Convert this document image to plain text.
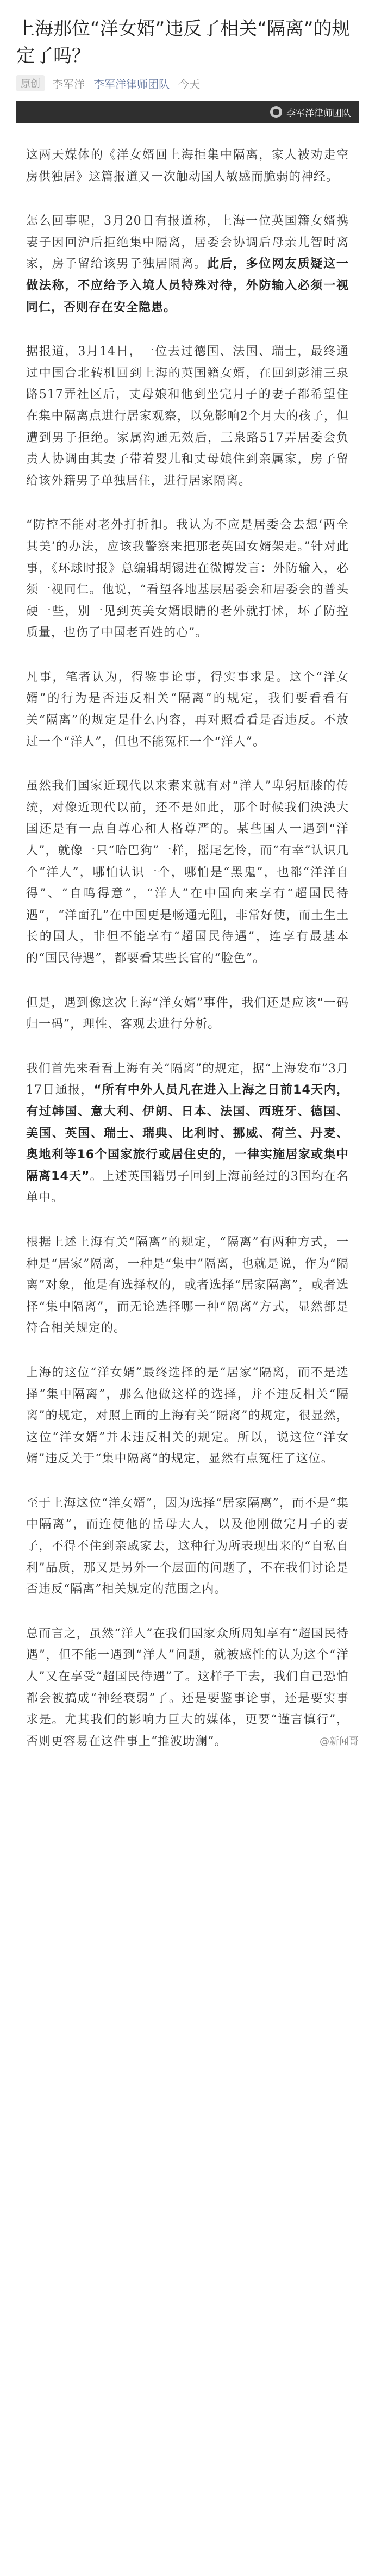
上海那位“洋女婿”违反了相关“隔离”的规定了吗？
原创	李军洋 李军洋律师团队 今天
李军洋律师团队

这两天媒体的《洋女婿回上海拒集中隔离，家人被劝走空房供独居》这篇报道又一次触动国人敏感而脆弱的神经。

怎么回事呢，3月20日有报道称，上海一位英国籍女婿携妻子因回沪后拒绝集中隔离，居委会协调后母亲儿智时离家，房子留给该男子独居隔离。此后，多位网友质疑这一做法称，不应给予入境人员特殊对待，外防输入必须一视同仁，否则存在安全隐患。

据报道，3月14日，一位去过德国、法国、瑞士，最终通过中国台北转机回到上海的英国籍女婿，在回到彭浦三泉路517弄社区后，丈母娘和他到坐完月子的妻子都希望住在集中隔离点进行居家观察，以免影响2个月大的孩子，但遭到男子拒绝。家属沟通无效后，三泉路517弄居委会负责人协调由其妻子带着婴儿和丈母娘住到亲属家，房子留给该外籍男子单独居住，进行居家隔离。

“防控不能对老外打折扣。我认为不应是居委会去想‘两全其美’的办法，应该我警察来把那老英国女婿架走。”针对此事，《环球时报》总编辑胡锡进在微博发言：外防输入，必须一视同仁。他说，“看望各地基层居委会和居委会的普头硬一些，别一见到英美女婿眼睛的老外就打怵，坏了防控质量，也伤了中国老百姓的心”。

凡事，笔者认为，得鉴事论事，得实事求是。这个“洋女婿”的行为是否违反相关“隔离”的规定，我们要看看有关“隔离”的规定是什么内容，再对照看看是否违反。不放过一个“洋人”，但也不能冤枉一个“洋人”。

虽然我们国家近现代以来素来就有对“洋人”卑躬屈膝的传统，对像近现代以前，还不是如此，那个时候我们泱泱大国还是有一点自尊心和人格尊严的。某些国人一遇到“洋人”，就像一只“哈巴狗”一样，摇尾乞怜，而“有幸”认识几个“洋人”，哪怕认识一个，哪怕是“黑鬼”，也都“洋洋自得”、“自鸣得意”，“洋人”在中国向来享有“超国民待遇”，“洋面孔”在中国更是畅通无阻，非常好使，而土生土长的国人，非但不能享有“超国民待遇”，连享有最基本的“国民待遇”，都要看某些长官的“脸色”。

但是，遇到像这次上海“洋女婿”事件，我们还是应该“一码归一码”，理性、客观去进行分析。

我们首先来看看上海有关“隔离”的规定，据“上海发布”3月17日通报，“所有中外人员凡在进入上海之日前14天内，有过韩国、意大利、伊朗、日本、法国、西班牙、德国、美国、英国、瑞士、瑞典、比利时、挪威、荷兰、丹麦、奥地利等16个国家旅行或居住史的，一律实施居家或集中隔离14天”。上述英国籍男子回到上海前经过的3国均在名单中。

根据上述上海有关“隔离”的规定，“隔离”有两种方式，一种是“居家”隔离，一种是“集中”隔离，也就是说，作为“隔离”对象，他是有选择权的，或者选择“居家隔离”，或者选择“集中隔离”，而无论选择哪一种“隔离”方式，显然都是符合相关规定的。

上海的这位“洋女婿”最终选择的是“居家”隔离，而不是选择“集中隔离”，那么他做这样的选择，并不违反相关“隔离”的规定，对照上面的上海有关“隔离”的规定，很显然，这位“洋女婿”并未违反相关的规定。所以，说这位“洋女婿”违反关于“集中隔离”的规定，显然有点冤枉了这位。

至于上海这位“洋女婿”，因为选择“居家隔离”，而不是“集中隔离”，而连使他的岳母大人，以及他刚做完月子的妻子，不得不住到亲戚家去，这种行为所表现出来的“自私自利”品质，那又是另外一个层面的问题了，不在我们讨论是否违反“隔离”相关规定的范围之内。

总而言之，虽然“洋人”在我们国家众所周知享有“超国民待遇”，但不能一遇到“洋人”问题，就被感性的认为这个“洋人”又在享受“超国民待遇”了。这样子干去，我们自己恐怕都会被搞成“神经衰弱”了。还是要鉴事论事，还是要实事求是。尤其我们的影响力巨大的媒体，更要“谨言慎行”，否则更容易在这件事上“推波助澜”。	@新闻哥
